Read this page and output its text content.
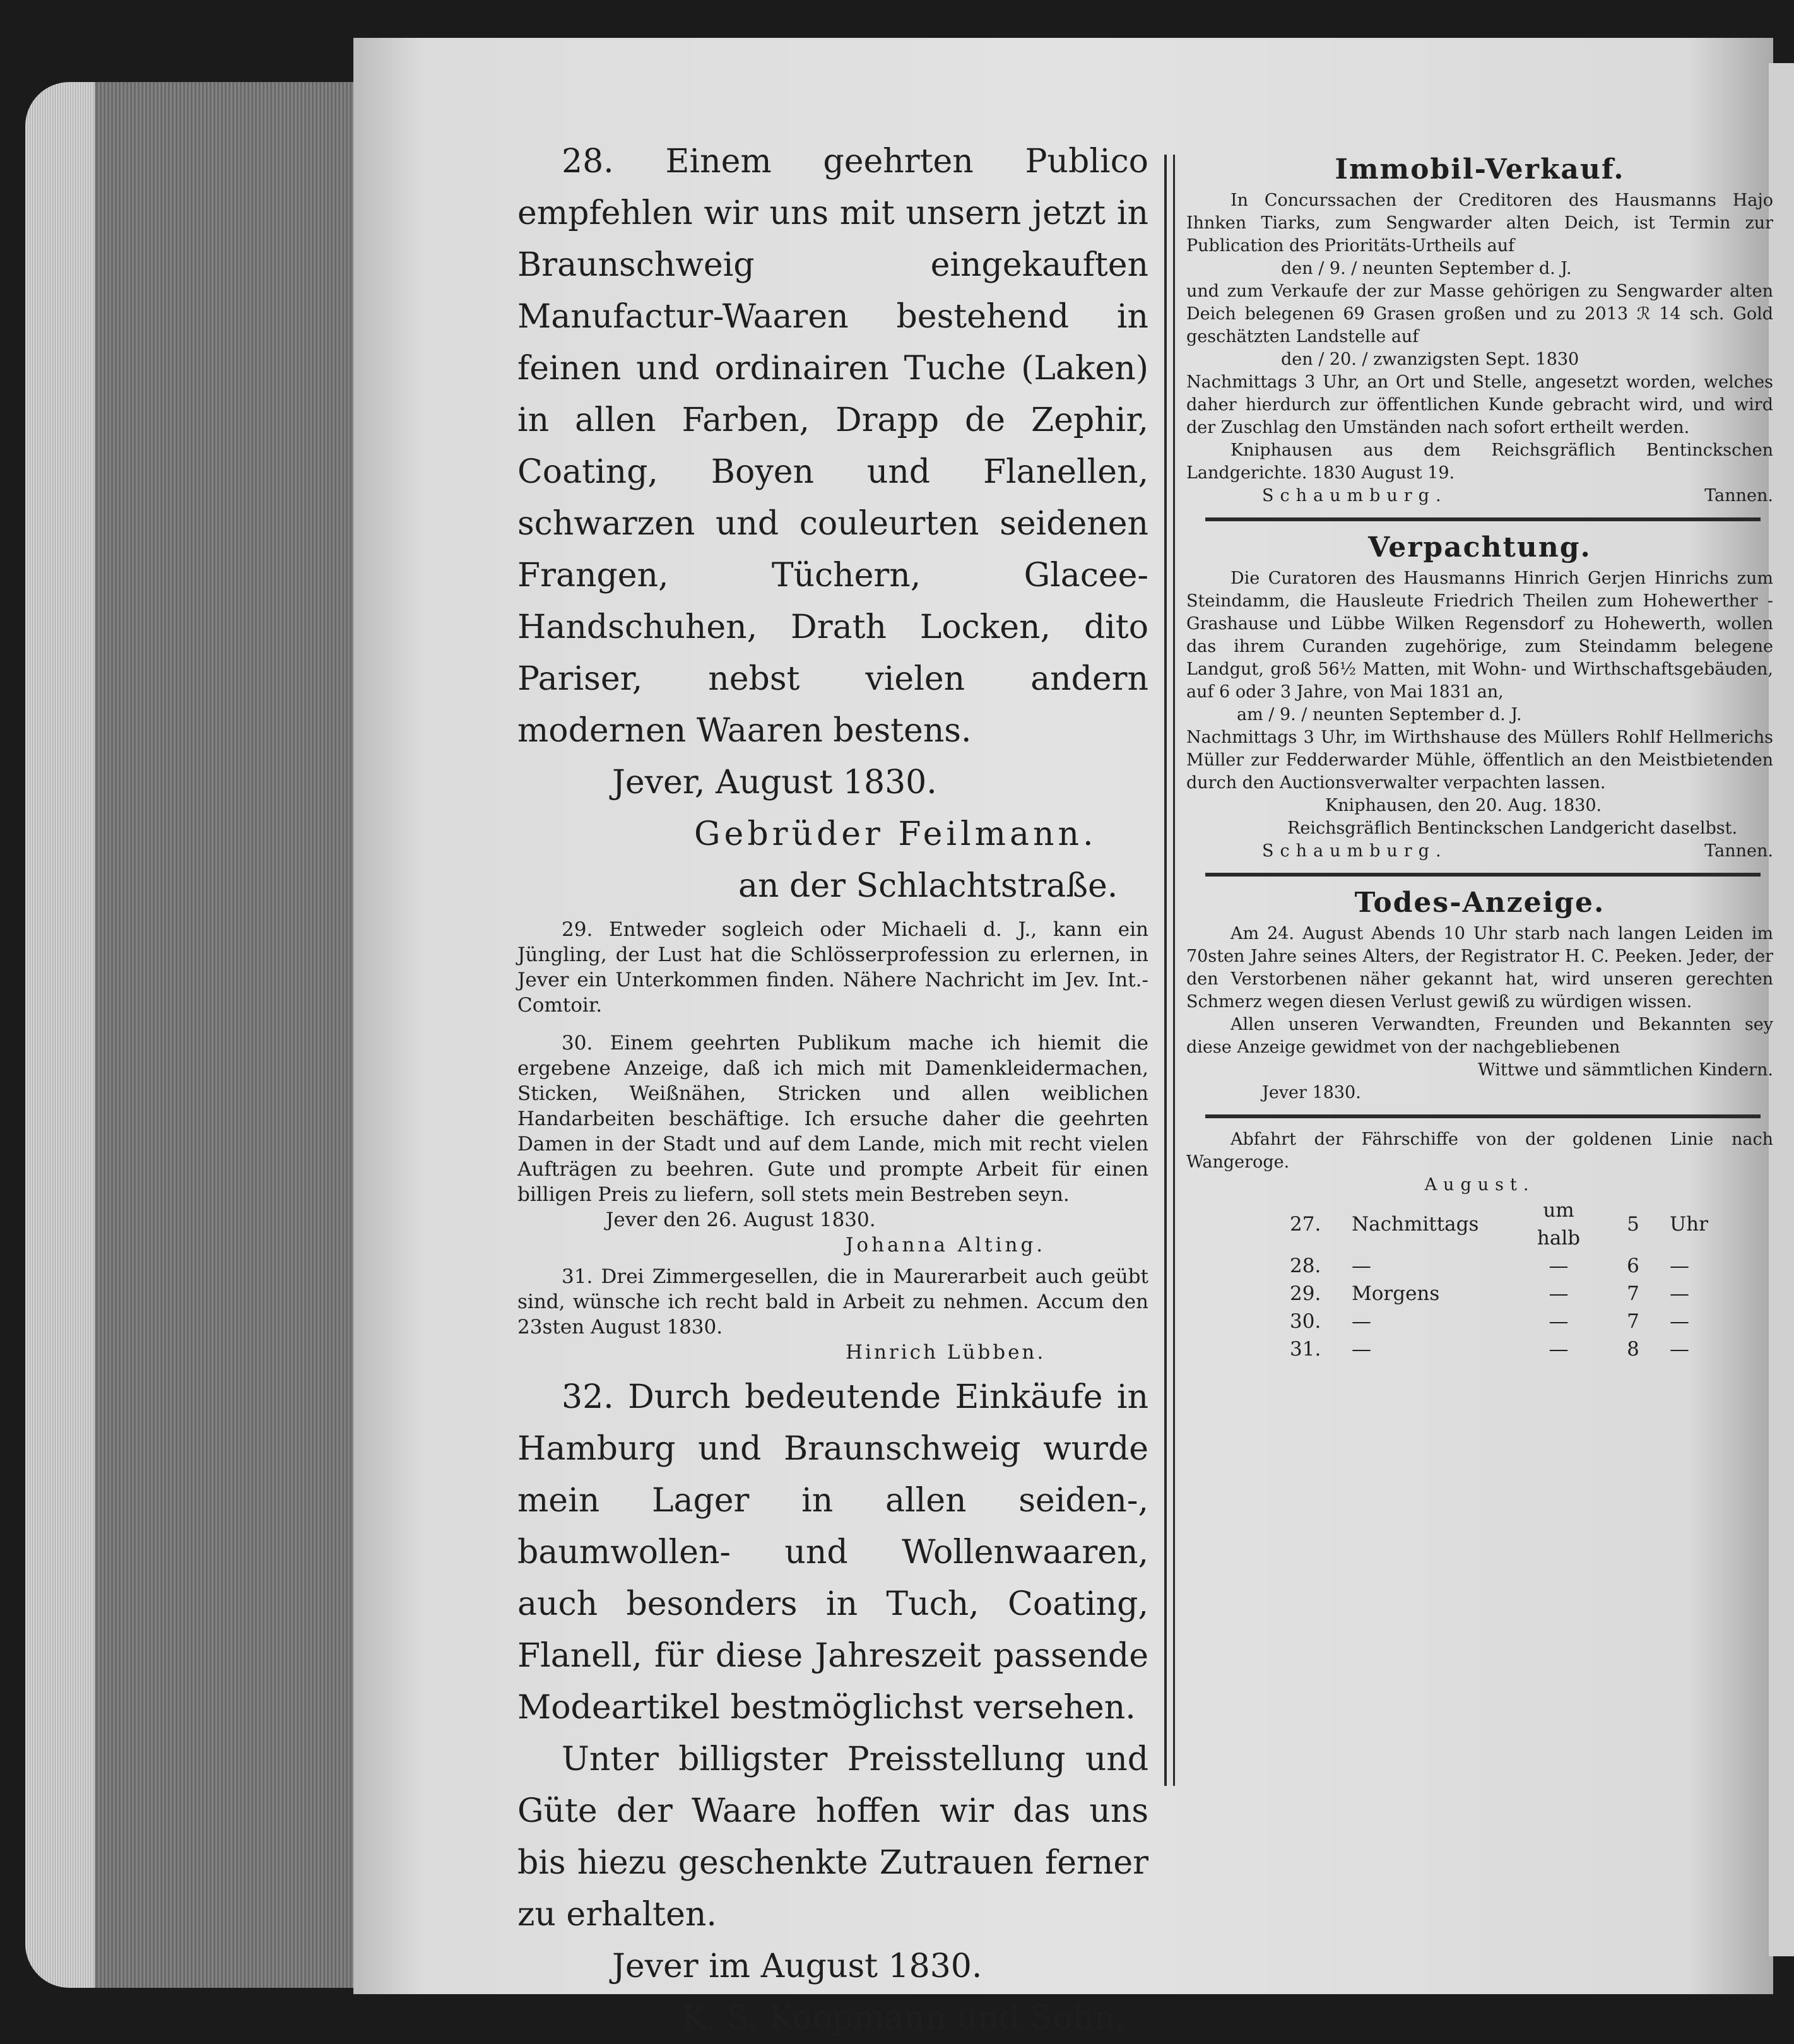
28. Einem geehrten Publico empfehlen wir uns mit unsern jetzt in Braunschweig eingekauften Manufactur-Waaren bestehend in feinen und ordinairen Tuche (Laken) in allen Farben, Drapp de Zephir, Coating, Boyen und Flanellen, schwarzen und couleurten seidenen Frangen, Tüchern, Glacee-Handschuhen, Drath Locken, dito Pariser, nebst vielen andern modernen Waaren bestens.

Jever, August 1830.

Gebrüder Feilmann.

an der Schlachtstraße.

29. Entweder sogleich oder Michaeli d. J., kann ein Jüngling, der Lust hat die Schlösserprofession zu erlernen, in Jever ein Unterkommen finden. Nähere Nachricht im Jev. Int.-Comtoir.

30. Einem geehrten Publikum mache ich hiemit die ergebene Anzeige, daß ich mich mit Damenkleidermachen, Sticken, Weißnähen, Stricken und allen weiblichen Handarbeiten beschäftige. Ich ersuche daher die geehrten Damen in der Stadt und auf dem Lande, mich mit recht vielen Aufträgen zu beehren. Gute und prompte Arbeit für einen billigen Preis zu liefern, soll stets mein Bestreben seyn.

Jever den 26. August 1830.

Johanna Alting.

31. Drei Zimmergesellen, die in Maurerarbeit auch geübt sind, wünsche ich recht bald in Arbeit zu nehmen. Accum den 23sten August 1830.

Hinrich Lübben.

32. Durch bedeutende Einkäufe in Hamburg und Braunschweig wurde mein Lager in allen seiden-, baumwollen- und Wollenwaaren, auch besonders in Tuch, Coating, Flanell, für diese Jahreszeit passende Modeartikel bestmöglichst versehen.

Unter billigster Preisstellung und Güte der Waare hoffen wir das uns bis hiezu geschenkte Zutrauen ferner zu erhalten.

Jever im August 1830.

K. S. Koopmann und Sohn.

Immobil-Verkauf.

In Concurssachen der Creditoren des Hausmanns Hajo Ihnken Tiarks, zum Sengwarder alten Deich, ist Termin zur Publication des Prioritäts-Urtheils auf

den / 9. / neunten September d. J.

und zum Verkaufe der zur Masse gehörigen zu Sengwarder alten Deich belegenen 69 Grasen großen und zu 2013 ℛ 14 sch. Gold geschätzten Landstelle auf

den / 20. / zwanzigsten Sept. 1830

Nachmittags 3 Uhr, an Ort und Stelle, angesetzt worden, welches daher hierdurch zur öffentlichen Kunde gebracht wird, und wird der Zuschlag den Umständen nach sofort ertheilt werden.

Kniphausen aus dem Reichsgräflich Bentinckschen Landgerichte. 1830 August 19.

Schaumburg.	Tannen.
Verpachtung.

Die Curatoren des Hausmanns Hinrich Gerjen Hinrichs zum Steindamm, die Hausleute Friedrich Theilen zum Hohewerther - Grashause und Lübbe Wilken Regensdorf zu Hohewerth, wollen das ihrem Curanden zugehörige, zum Steindamm belegene Landgut, groß 56½ Matten, mit Wohn- und Wirthschaftsgebäuden, auf 6 oder 3 Jahre, von Mai 1831 an,

am / 9. / neunten September d. J.

Nachmittags 3 Uhr, im Wirthshause des Müllers Rohlf Hellmerichs Müller zur Fedderwarder Mühle, öffentlich an den Meistbietenden durch den Auctionsverwalter verpachten lassen.

Kniphausen, den 20. Aug. 1830.

Reichsgräflich Bentinckschen Landgericht daselbst.

Schaumburg.	Tannen.
Todes-Anzeige.

Am 24. August Abends 10 Uhr starb nach langen Leiden im 70sten Jahre seines Alters, der Registrator H. C. Peeken. Jeder, der den Verstorbenen näher gekannt hat, wird unseren gerechten Schmerz wegen diesen Verlust gewiß zu würdigen wissen.

Allen unseren Verwandten, Freunden und Bekannten sey diese Anzeige gewidmet von der nachgebliebenen

Wittwe und sämmtlichen Kindern.

Jever 1830.

Abfahrt der Fährschiffe von der goldenen Linie nach Wangeroge.

August.

27.	Nachmittags	um halb	5	Uhr
28.	—	—	6	—
29.	Morgens	—	7	—
30.	—	—	7	—
31.	—	—	8	—
